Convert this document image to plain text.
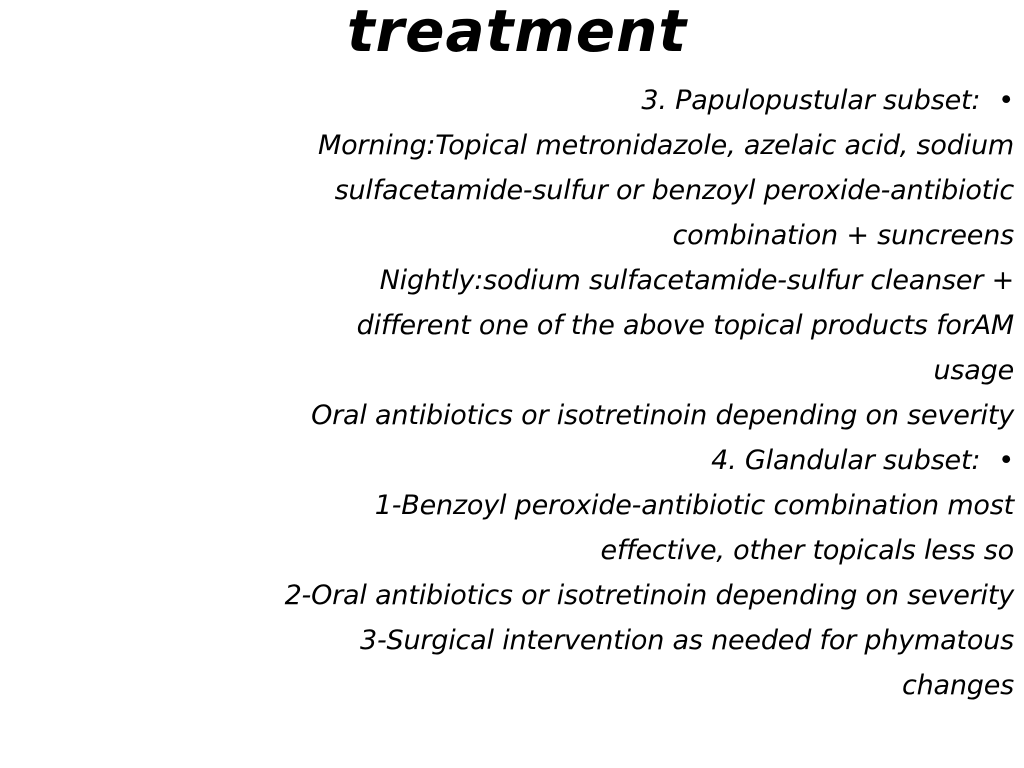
treatment
3. Papulopustular subset: •
Morning:Topical metronidazole, azelaic acid, sodium
sulfacetamide-sulfur or benzoyl peroxide-antibiotic
combination + suncreens
Nightly:sodium sulfacetamide-sulfur cleanser +
different one of the above topical products forAM
usage
Oral antibiotics or isotretinoin depending on severity
4. Glandular subset: •
1-Benzoyl peroxide-antibiotic combination most
effective, other topicals less so
2-Oral antibiotics or isotretinoin depending on severity
3-Surgical intervention as needed for phymatous
changes
